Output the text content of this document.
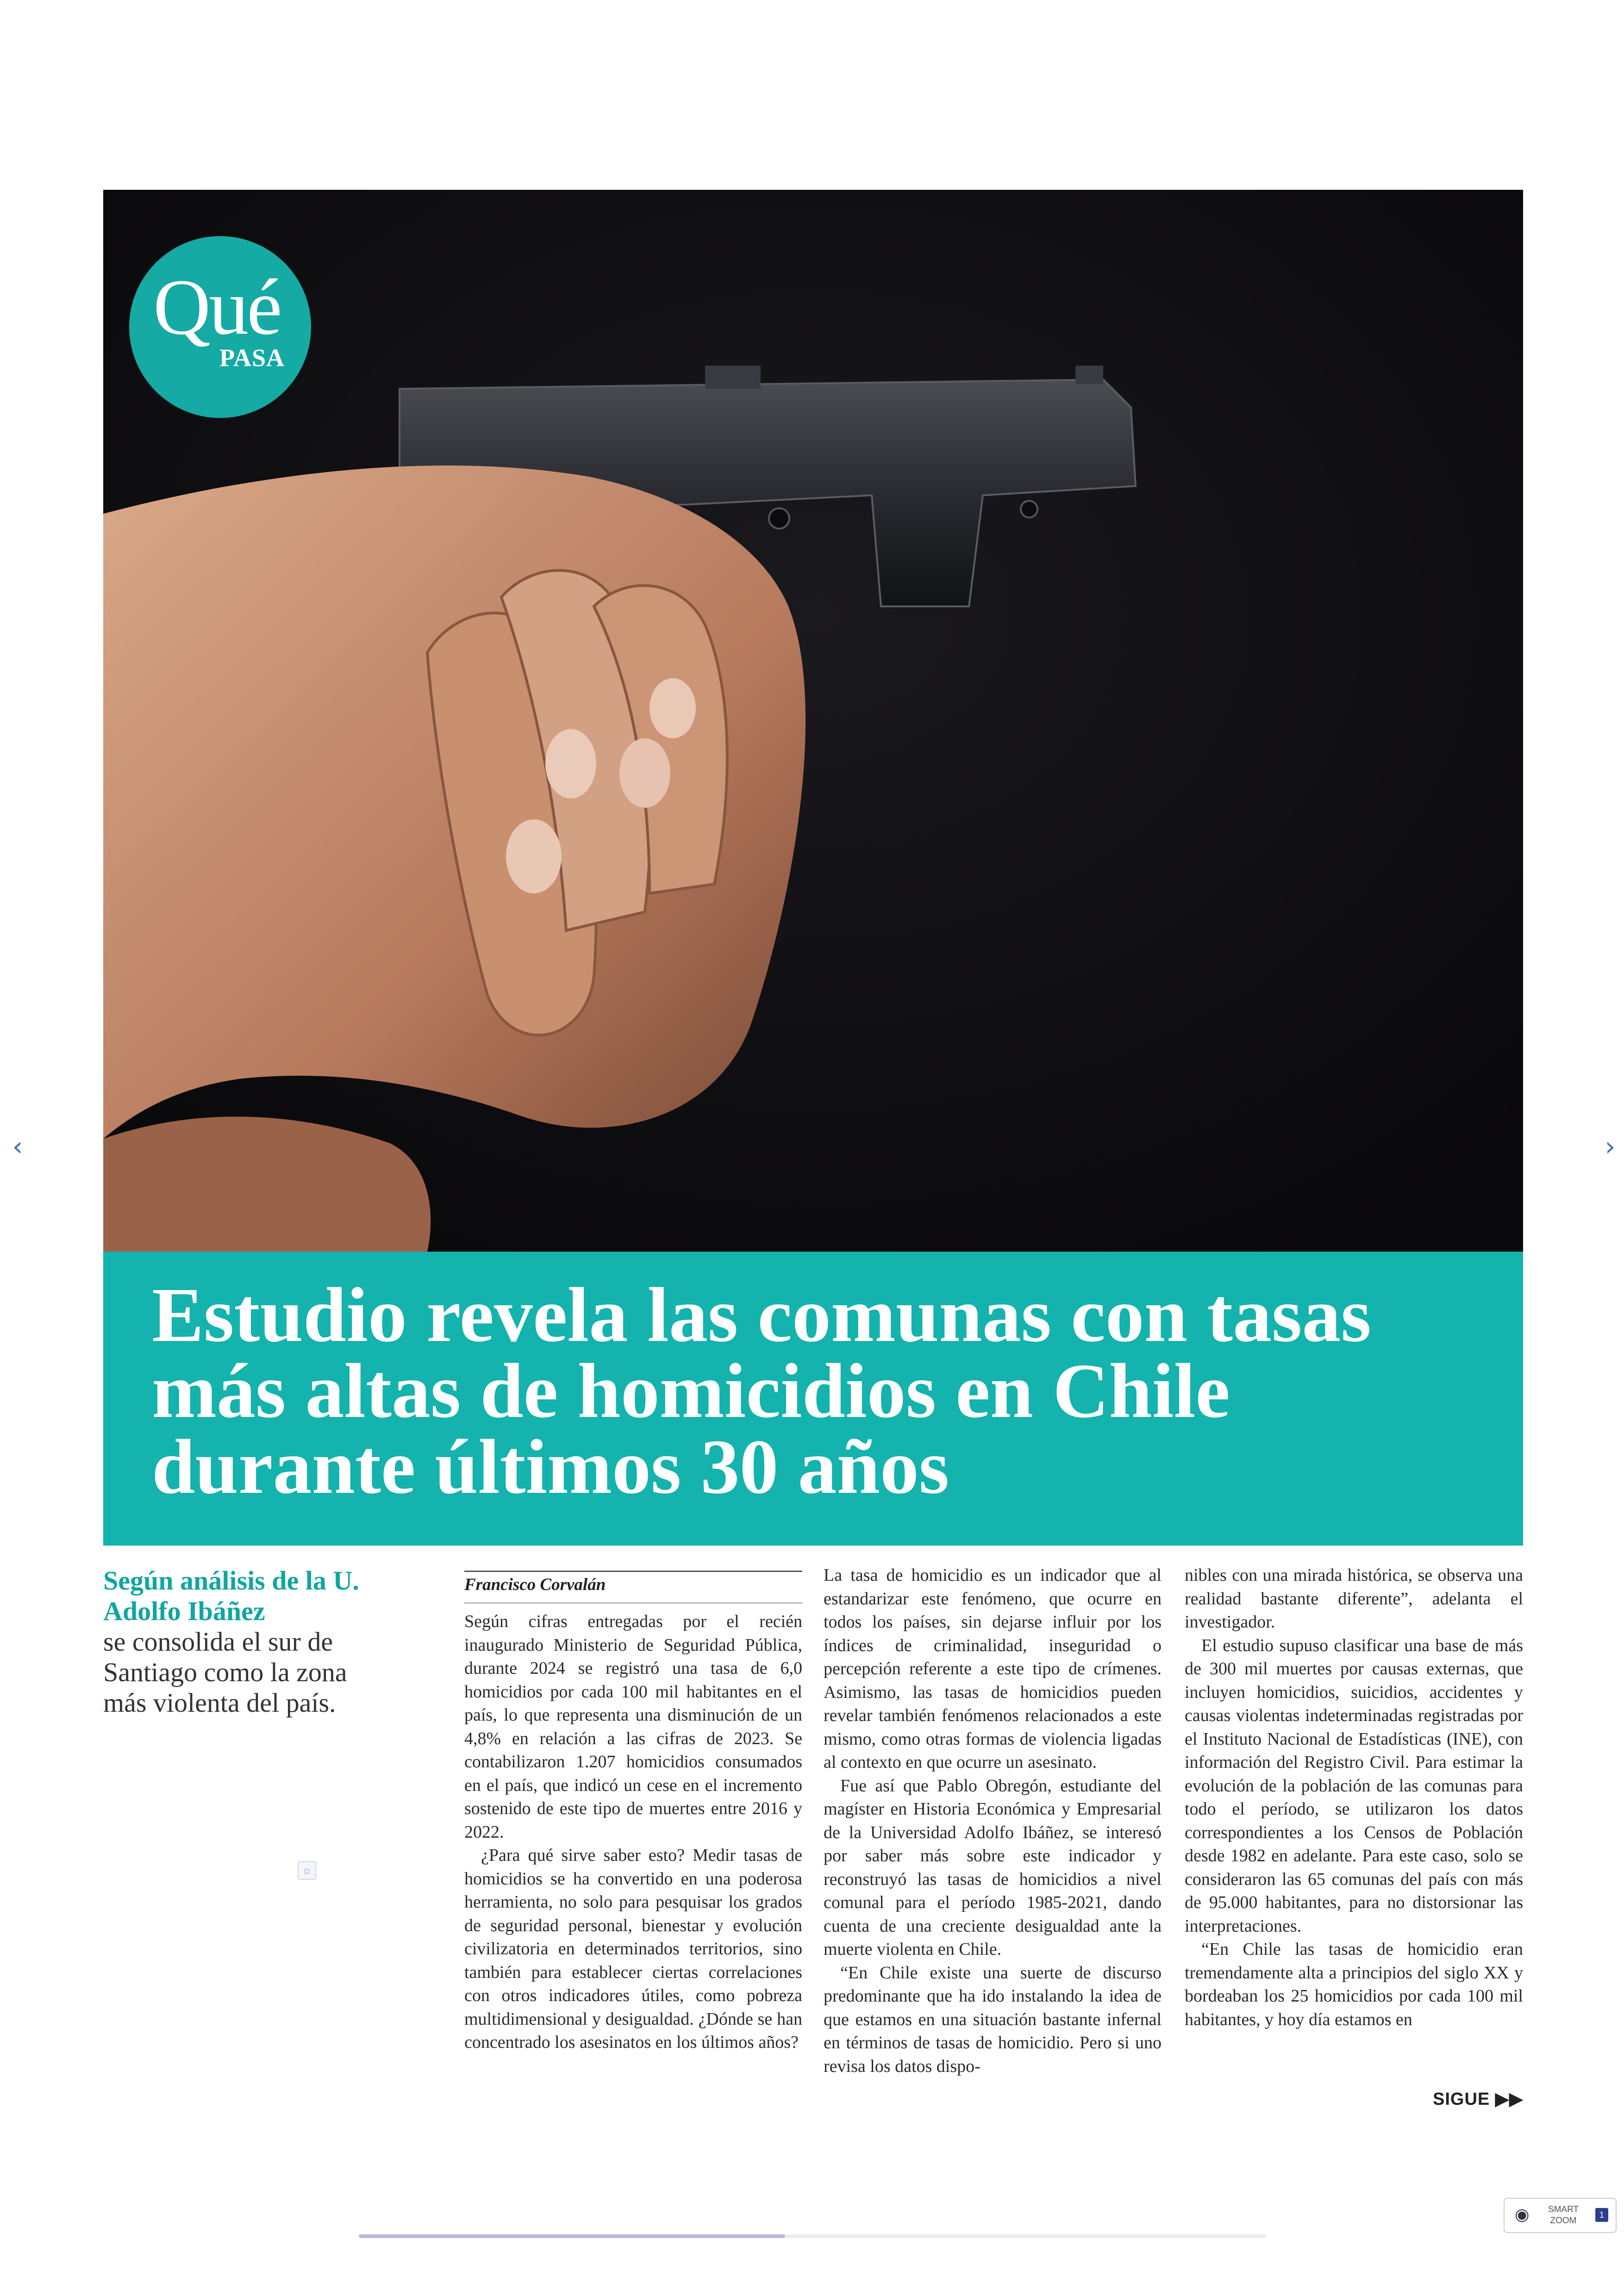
Qué
PASA
Estudio revela las comunas con tasas más altas de homicidios en Chile durante últimos 30 años
Según análisis de la U. Adolfo Ibáñez
se consolida el sur de Santiago como la zona más violenta del país.
Francisco Corvalán

Según cifras entregadas por el recién inaugurado Ministerio de Seguridad Pública, durante 2024 se registró una tasa de 6,0 homicidios por cada 100 mil habitantes en el país, lo que representa una disminución de un 4,8% en relación a las cifras de 2023. Se contabilizaron 1.207 homicidios consumados en el país, que indicó un cese en el incremento sostenido de este tipo de muertes entre 2016 y 2022.

¿Para qué sirve saber esto? Medir tasas de homicidios se ha convertido en una poderosa herramienta, no solo para pesquisar los grados de seguridad personal, bienestar y evolución civilizatoria en determinados territorios, sino también para establecer ciertas correlaciones con otros indicadores útiles, como pobreza multidimensional y desigualdad. ¿Dónde se han concentrado los asesinatos en los últimos años?

La tasa de homicidio es un indicador que al estandarizar este fenómeno, que ocurre en todos los países, sin dejarse influir por los índices de criminalidad, inseguridad o percepción referente a este tipo de crímenes. Asimismo, las tasas de homicidios pueden revelar también fenómenos relacionados a este mismo, como otras formas de violencia ligadas al contexto en que ocurre un asesinato.

Fue así que Pablo Obregón, estudiante del magíster en Historia Económica y Empresarial de la Universidad Adolfo Ibáñez, se interesó por saber más sobre este indicador y reconstruyó las tasas de homicidios a nivel comunal para el período 1985-2021, dando cuenta de una creciente desigualdad ante la muerte violenta en Chile.

“En Chile existe una suerte de discurso predominante que ha ido instalando la idea de que estamos en una situación bastante infernal en términos de tasas de homicidio. Pero si uno revisa los datos dispo-

nibles con una mirada histórica, se observa una realidad bastante diferente”, adelanta el investigador.

El estudio supuso clasificar una base de más de 300 mil muertes por causas externas, que incluyen homicidios, suicidios, accidentes y causas violentas indeterminadas registradas por el Instituto Nacional de Estadísticas (INE), con información del Registro Civil. Para estimar la evolución de la población de las comunas para todo el período, se utilizaron los datos correspondientes a los Censos de Población desde 1982 en adelante. Para este caso, solo se consideraron las 65 comunas del país con más de 95.000 habitantes, para no distorsionar las interpretaciones.

“En Chile las tasas de homicidio eran tremendamente alta a principios del siglo XX y bordeaban los 25 homicidios por cada 100 mil habitantes, y hoy día estamos en

SIGUE ▶▶
‹	›
▫
◉	SMART
ZOOM
1
